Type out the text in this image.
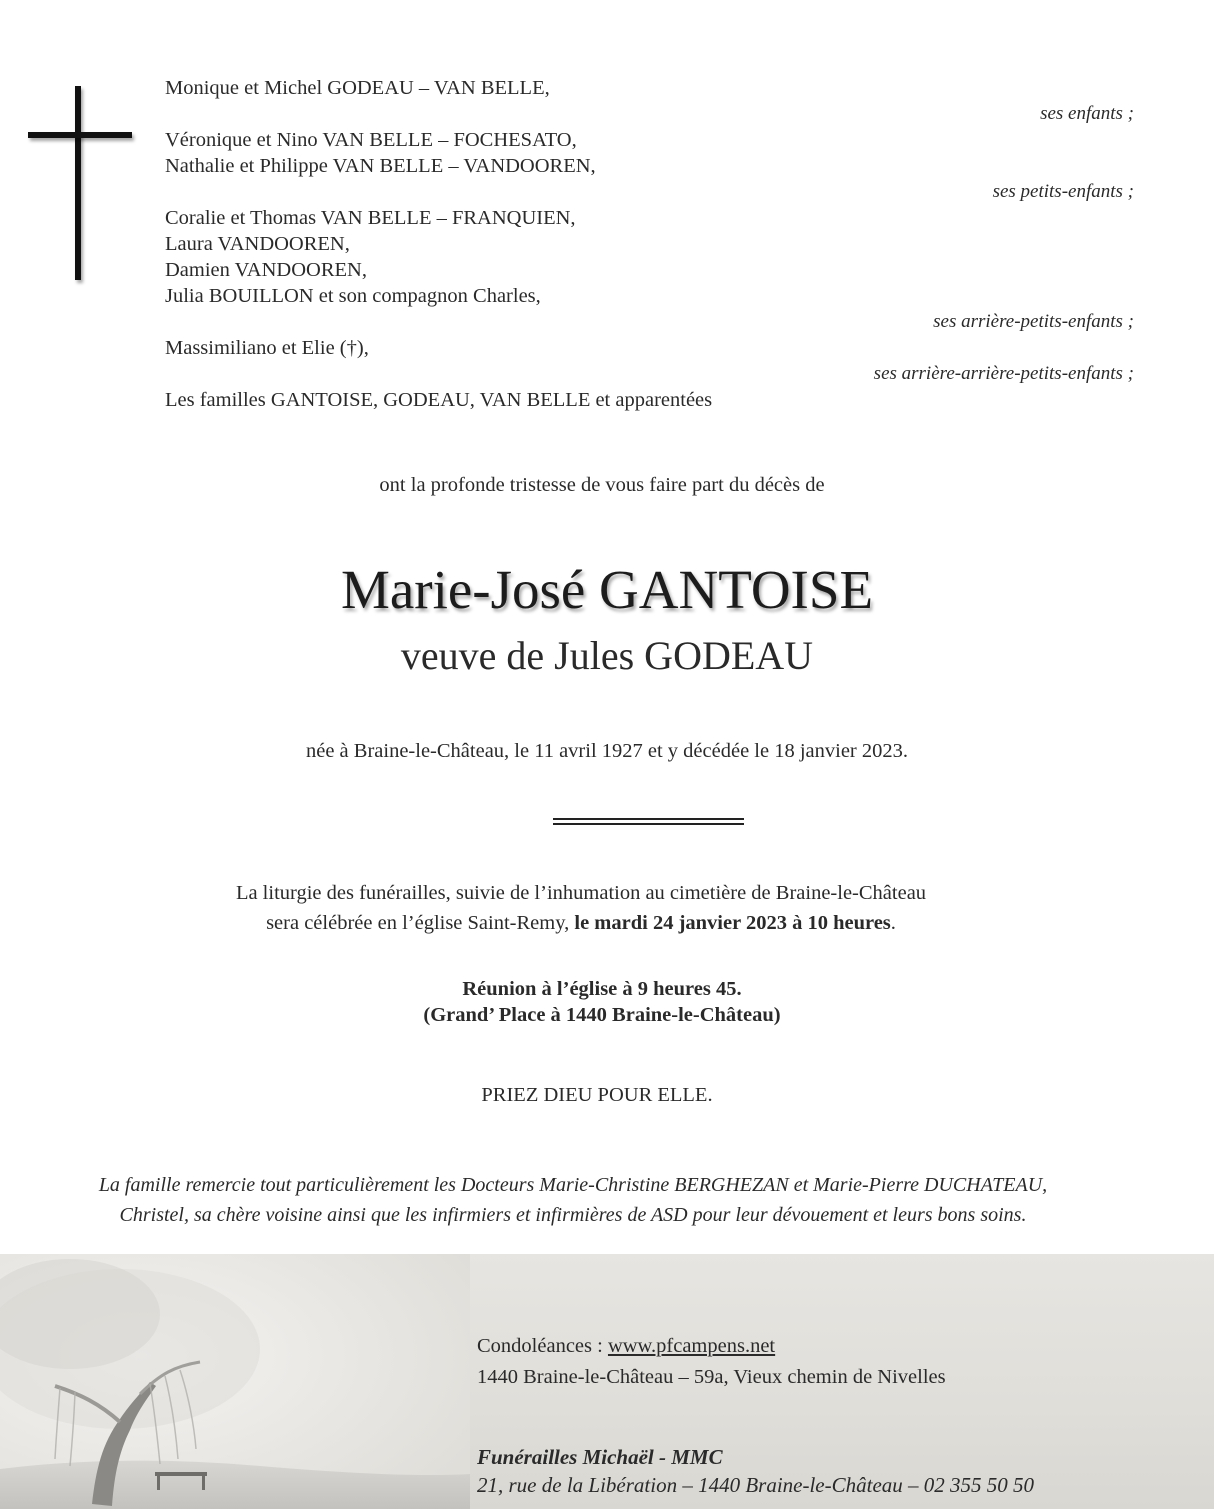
Monique et Michel GODEAU – VAN BELLE,
ses enfants ;
Véronique et Nino VAN BELLE – FOCHESATO,
Nathalie et Philippe VAN BELLE – VANDOOREN,
ses petits-enfants ;
Coralie et Thomas VAN BELLE – FRANQUIEN,
Laura VANDOOREN,
Damien VANDOOREN,
Julia BOUILLON et son compagnon Charles,
ses arrière-petits-enfants ;
Massimiliano et Elie (†),
ses arrière-arrière-petits-enfants ;
Les familles GANTOISE, GODEAU, VAN BELLE et apparentées
ont la profonde tristesse de vous faire part du décès de
Marie-José GANTOISE
veuve de Jules GODEAU
née à Braine-le-Château, le 11 avril 1927 et y décédée le 18 janvier 2023.
La liturgie des funérailles, suivie de l’inhumation au cimetière de Braine-le-Château
sera célébrée en l’église Saint-Remy, le mardi 24 janvier 2023 à 10 heures.
Réunion à l’église à 9 heures 45.
(Grand’ Place à 1440 Braine-le-Château)
PRIEZ DIEU POUR ELLE.
La famille remercie tout particulièrement les Docteurs Marie-Christine BERGHEZAN et Marie-Pierre DUCHATEAU,
Christel, sa chère voisine ainsi que les infirmiers et infirmières de ASD pour leur dévouement et leurs bons soins.
Condoléances : www.pfcampens.net
1440 Braine-le-Château – 59a, Vieux chemin de Nivelles
Funérailles Michaël - MMC
21, rue de la Libération – 1440 Braine-le-Château – 02 355 50 50
